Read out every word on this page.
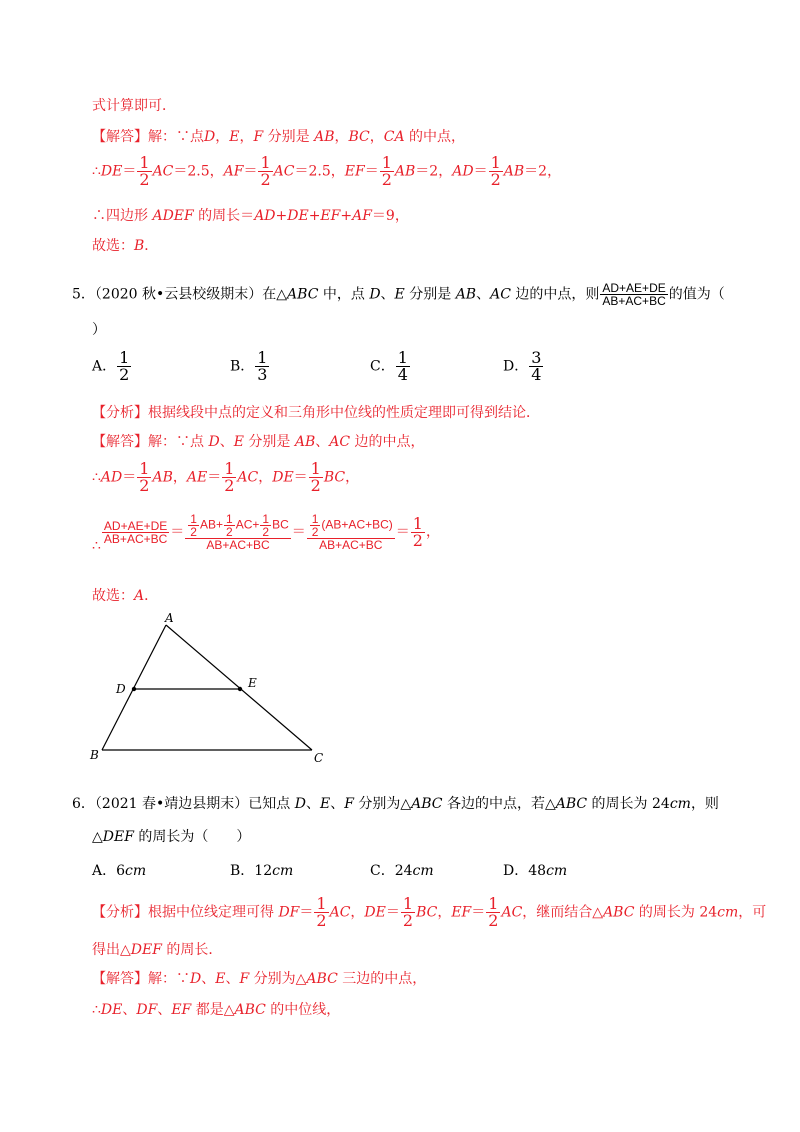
式计算即可．
【解答】解：∵点D，E，F 分别是 AB，BC，CA 的中点，
∴DE＝ $\frac{1}{2} AC=2.5$，$AF= \frac{1}{2} AC=2.5$，$EF= \frac{1}{2} AB=2$，$AD= \frac{1}{2} AB=2$，
∴四边形 ADEF 的周长＝AD+DE+EF+AF＝9，
故选：B．
5．（2020 秋•云县校级期末）在△ABC 中，点 D、E 分别是 AB、AC 边的中点，则 $\frac{AD+AE+DE}{AB+AC+BC}$ 的值为（
）
A． $\frac{1}{2}$	B． $\frac{1}{3}$	C． $\frac{1}{4}$	D． $\frac{3}{4}$
【分析】根据线段中点的定义和三角形中位线的性质定理即可得到结论．
【解答】解：∵点 D、E 分别是 AB、AC 边的中点，
∴AD＝ $\frac{1}{2}$ AB，$AE= \frac{1}{2}$ AC，$DE= \frac{1}{2}$ BC，
∴
$\frac{AD+AE+DE}{AB+AC+BC} = \frac{\frac{1}{2} AB+ \frac{1}{2} AC+ \frac{1}{2} BC}{AB+AC+BC} = \frac{\frac{1}{2} (AB+AC+BC)}{AB+AC+BC} = \frac{1}{2}$ ，
故选：A．
A
B	C
D	E
6．（2021 春•靖边县期末）已知点 D、E、F 分别为△ABC 各边的中点，若△ABC 的周长为 24cm，则
△DEF 的周长为（　　）
A．6cm	B．12cm	C．24cm	D．48cm
【分析】根据中位线定理可得 $DF= \frac{1}{2}$ AC，$DE= \frac{1}{2}$ BC，$EF= \frac{1}{2}$ AC，继而结合△ABC 的周长为 24cm，可
得出△DEF 的周长．
【解答】解：∵D、E、F 分别为△ABC 三边的中点，
∴DE、DF、EF 都是△ABC 的中位线，
